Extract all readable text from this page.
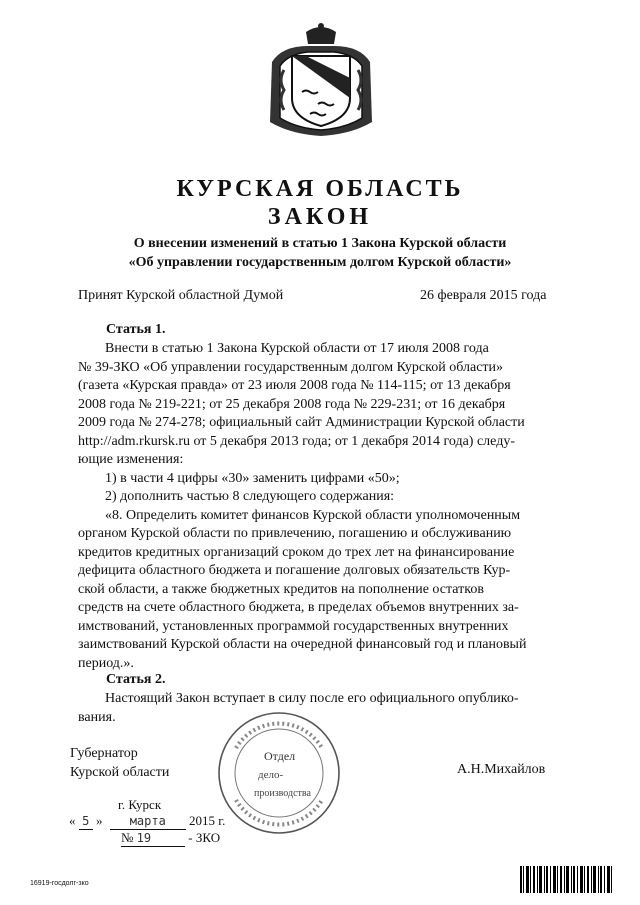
КУРСКАЯ ОБЛАСТЬ
ЗАКОН
О внесении изменений в статью 1 Закона Курской области
«Об управлении государственным долгом Курской области»
Принят Курской областной Думой	26 февраля 2015 года
Статья 1.
Внести в статью 1 Закона Курской области от 17 июля 2008 года
№ 39-ЗКО «Об управлении государственным долгом Курской области»
(газета «Курская правда» от 23 июля 2008 года № 114-115; от 13 декабря
2008 года № 219-221; от 25 декабря 2008 года № 229-231; от 16 декабря
2009 года № 274-278; официальный сайт Администрации Курской области
http://adm.rkursk.ru от 5 декабря 2013 года; от 1 декабря 2014 года) следу-
ющие изменения:
1) в части 4 цифры «30» заменить цифрами «50»;
2) дополнить частью 8 следующего содержания:
«8. Определить комитет финансов Курской области уполномоченным
органом Курской области по привлечению, погашению и обслуживанию
кредитов кредитных организаций сроком до трех лет на финансирование
дефицита областного бюджета и погашение долговых обязательств Кур-
ской области, а также бюджетных кредитов на пополнение остатков
средств на счете областного бюджета, в пределах объемов внутренних за-
имствований, установленных программой государственных внутренних
заимствований Курской области на очередной финансовый год и плановый
период.».
Статья 2.
Настоящий Закон вступает в силу после его официального опублико-
вания.
Губернатор
Курской области	А.Н.Михайлов
Отдел
дело-
производства
г. Курск
« 5 » марта 2015 г.
№ 19	- ЗКО
16919-госдолг-зко
